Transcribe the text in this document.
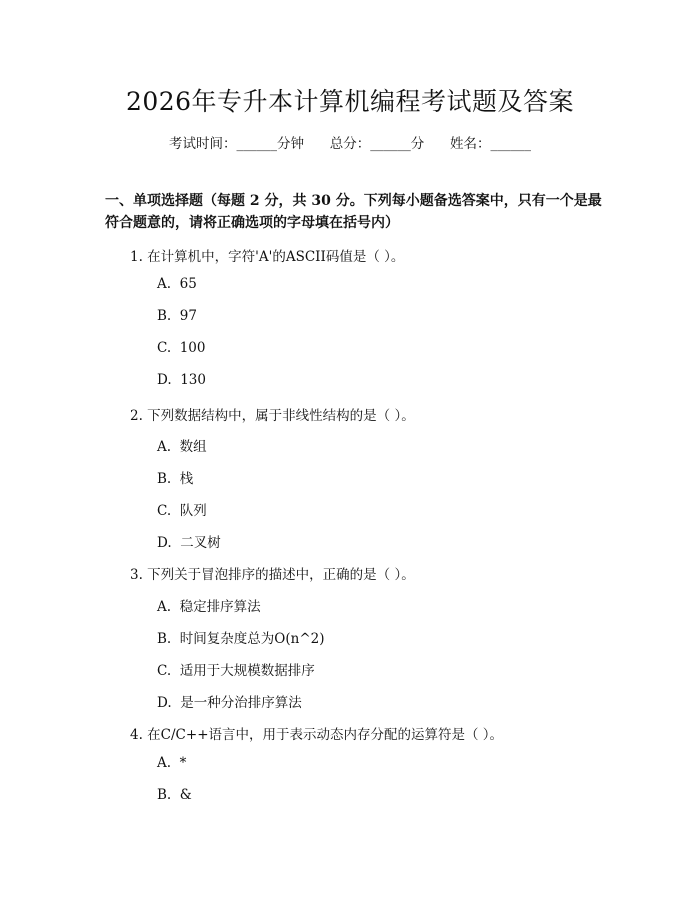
2026年专升本计算机编程考试题及答案
考试时间：______分钟      总分：______分      姓名：______
一、单项选择题（每题 2 分，共 30 分。下列每小题备选答案中，只有一个是最符合题意的，请将正确选项的字母填在括号内）
1. 在计算机中，字符'A'的ASCII码值是（ ）。
A.  65
B.  97
C.  100
D.  130
2. 下列数据结构中，属于非线性结构的是（ ）。
A.  数组
B.  栈
C.  队列
D.  二叉树
3. 下列关于冒泡排序的描述中，正确的是（ ）。
A.  稳定排序算法
B.  时间复杂度总为O(n^2)
C.  适用于大规模数据排序
D.  是一种分治排序算法
4. 在C/C++语言中，用于表示动态内存分配的运算符是（ ）。
A.  *
B.  &
